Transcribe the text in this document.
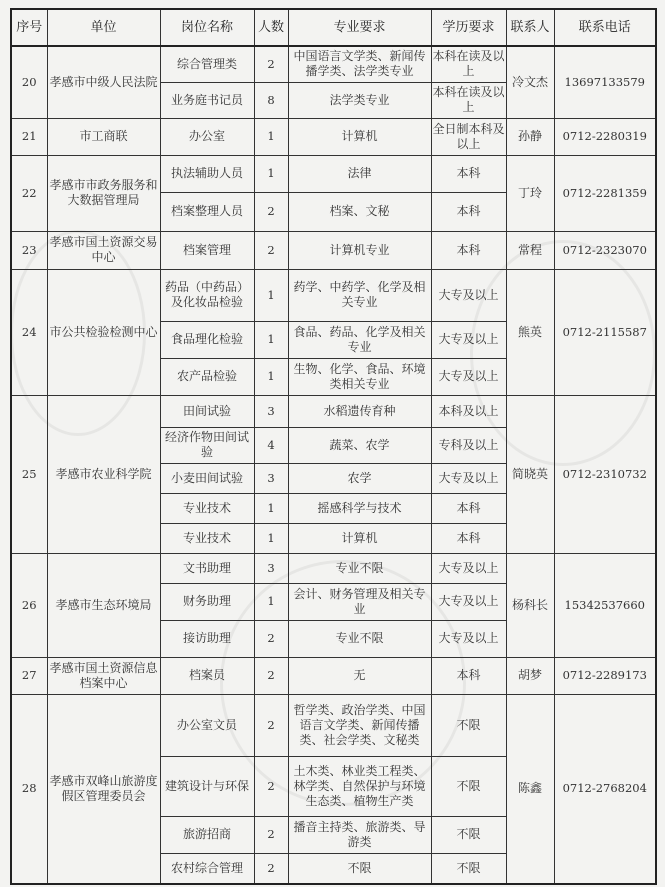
序号	单位	岗位名称	人数	专业要求	学历要求	联系人	联系电话
20	孝感市中级人民法院	综合管理类	2	中国语言文学类、新闻传播学类、法学类专业	本科在读及以上	冷文杰	13697133579
		业务庭书记员	8	法学类专业	本科在读及以上		
21	市工商联	办公室	1	计算机	全日制本科及以上	孙静	0712-2280319
22	孝感市市政务服务和大数据管理局	执法辅助人员	1	法律	本科	丁玲	0712-2281359
		档案整理人员	2	档案、文秘	本科		
23	孝感市国土资源交易中心	档案管理	2	计算机专业	本科	常程	0712-2323070
24	市公共检验检测中心	药品（中药品）及化妆品检验	1	药学、中药学、化学及相关专业	大专及以上	熊英	0712-2115587
		食品理化检验	1	食品、药品、化学及相关专业	大专及以上		
		农产品检验	1	生物、化学、食品、环境类相关专业	大专及以上		
25	孝感市农业科学院	田间试验	3	水稻遗传育种	本科及以上	简晓英	0712-2310732
		经济作物田间试验	4	蔬菜、农学	专科及以上		
		小麦田间试验	3	农学	大专及以上		
		专业技术	1	摇感科学与技术	本科		
		专业技术	1	计算机	本科		
26	孝感市生态环境局	文书助理	3	专业不限	大专及以上	杨科长	15342537660
		财务助理	1	会计、财务管理及相关专业	大专及以上		
		接访助理	2	专业不限	大专及以上		
27	孝感市国土资源信息档案中心	档案员	2	无	本科	胡梦	0712-2289173
28	孝感市双峰山旅游度假区管理委员会	办公室文员	2	哲学类、政治学类、中国语言文学类、新闻传播类、社会学类、文秘类	不限	陈鑫	0712-2768204
		建筑设计与环保	2	土木类、林业类工程类、林学类、自然保护与环境生态类、植物生产类	不限		
		旅游招商	2	播音主持类、旅游类、导游类	不限		
		农村综合管理	2	不限	不限		
